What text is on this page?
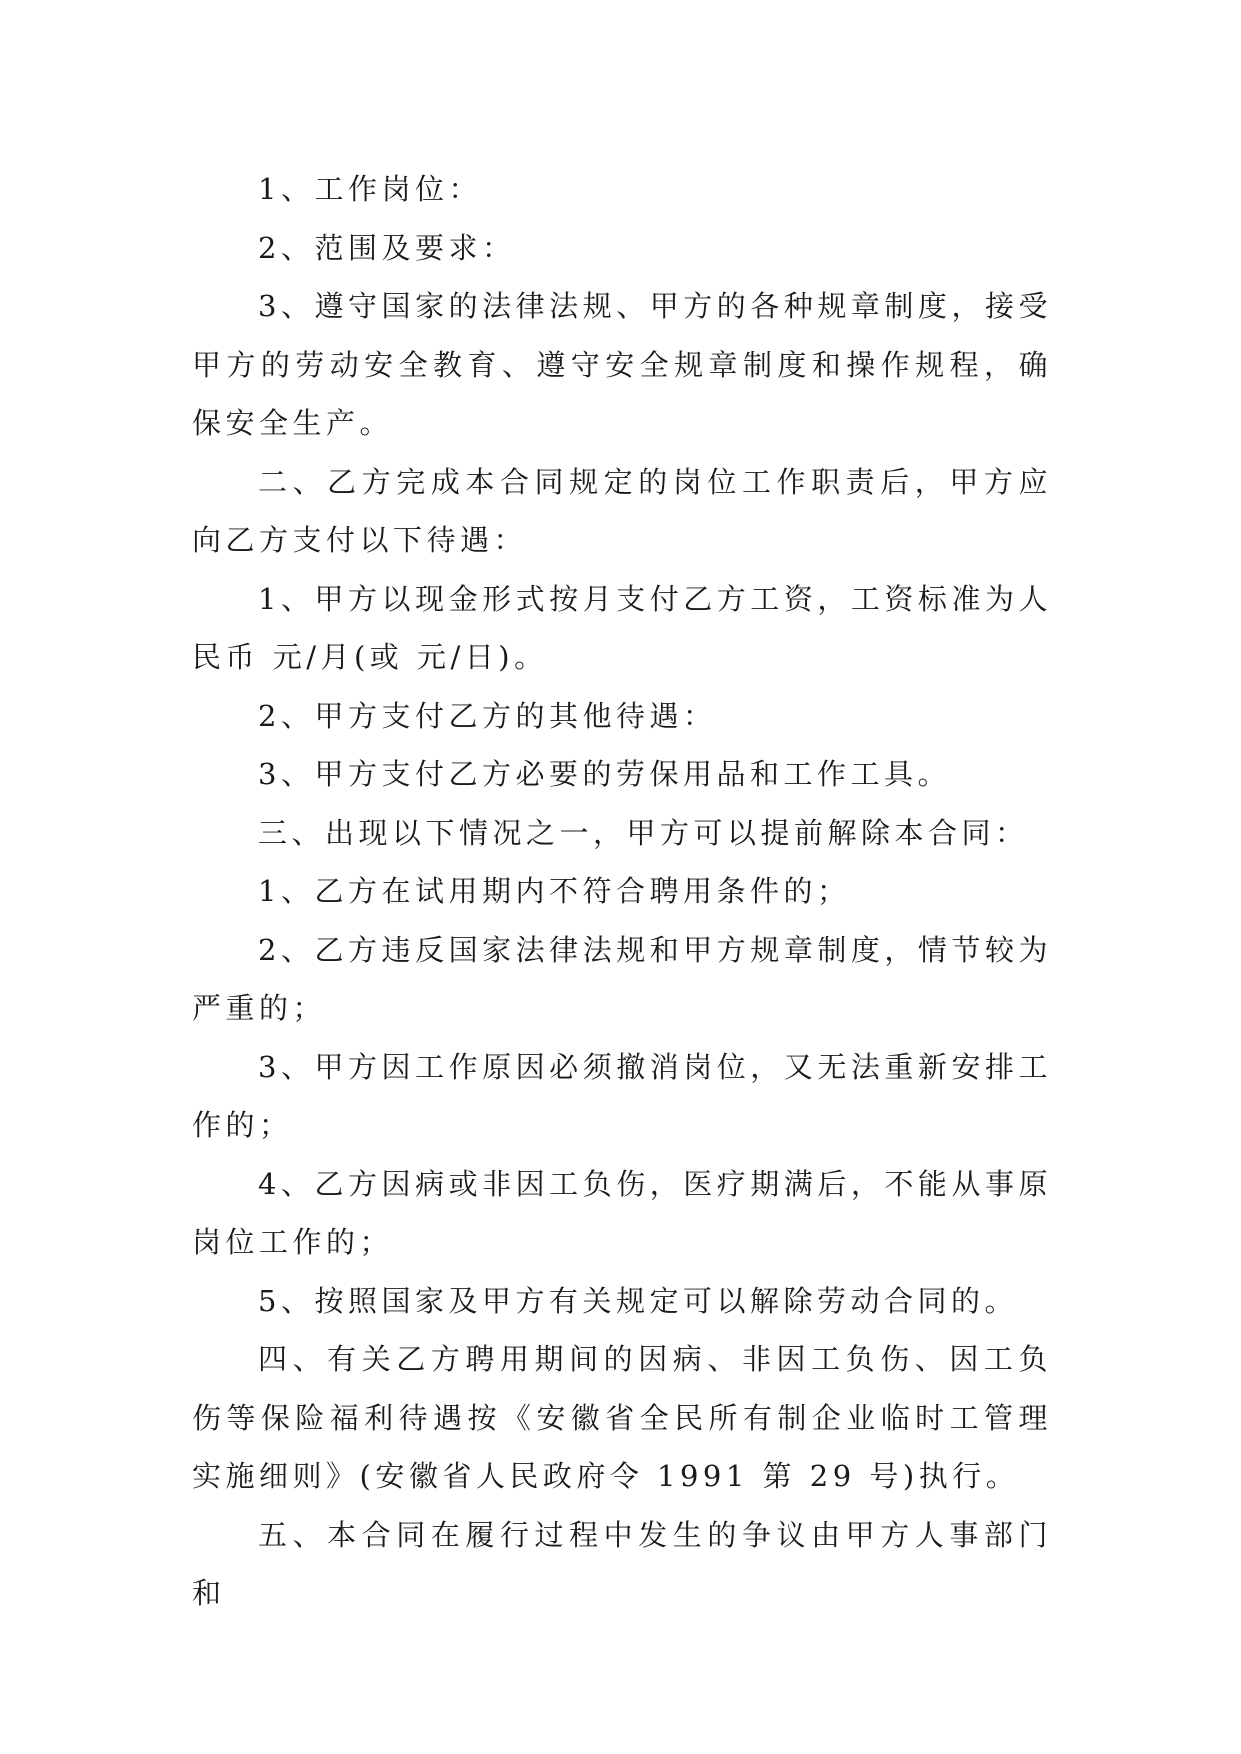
1、工作岗位：

2、范围及要求：

3、遵守国家的法律法规、甲方的各种规章制度，接受甲方的劳动安全教育、遵守安全规章制度和操作规程，确保安全生产。

二、乙方完成本合同规定的岗位工作职责后，甲方应向乙方支付以下待遇：

1、甲方以现金形式按月支付乙方工资，工资标准为人民币 元/月(或 元/日)。

2、甲方支付乙方的其他待遇：

3、甲方支付乙方必要的劳保用品和工作工具。

三、出现以下情况之一，甲方可以提前解除本合同：

1、乙方在试用期内不符合聘用条件的；

2、乙方违反国家法律法规和甲方规章制度，情节较为严重的；

3、甲方因工作原因必须撤消岗位，又无法重新安排工作的；

4、乙方因病或非因工负伤，医疗期满后，不能从事原岗位工作的；

5、按照国家及甲方有关规定可以解除劳动合同的。

四、有关乙方聘用期间的因病、非因工负伤、因工负伤等保险福利待遇按《安徽省全民所有制企业临时工管理实施细则》(安徽省人民政府令 1991 第 29 号)执行。

五、本合同在履行过程中发生的争议由甲方人事部门和
